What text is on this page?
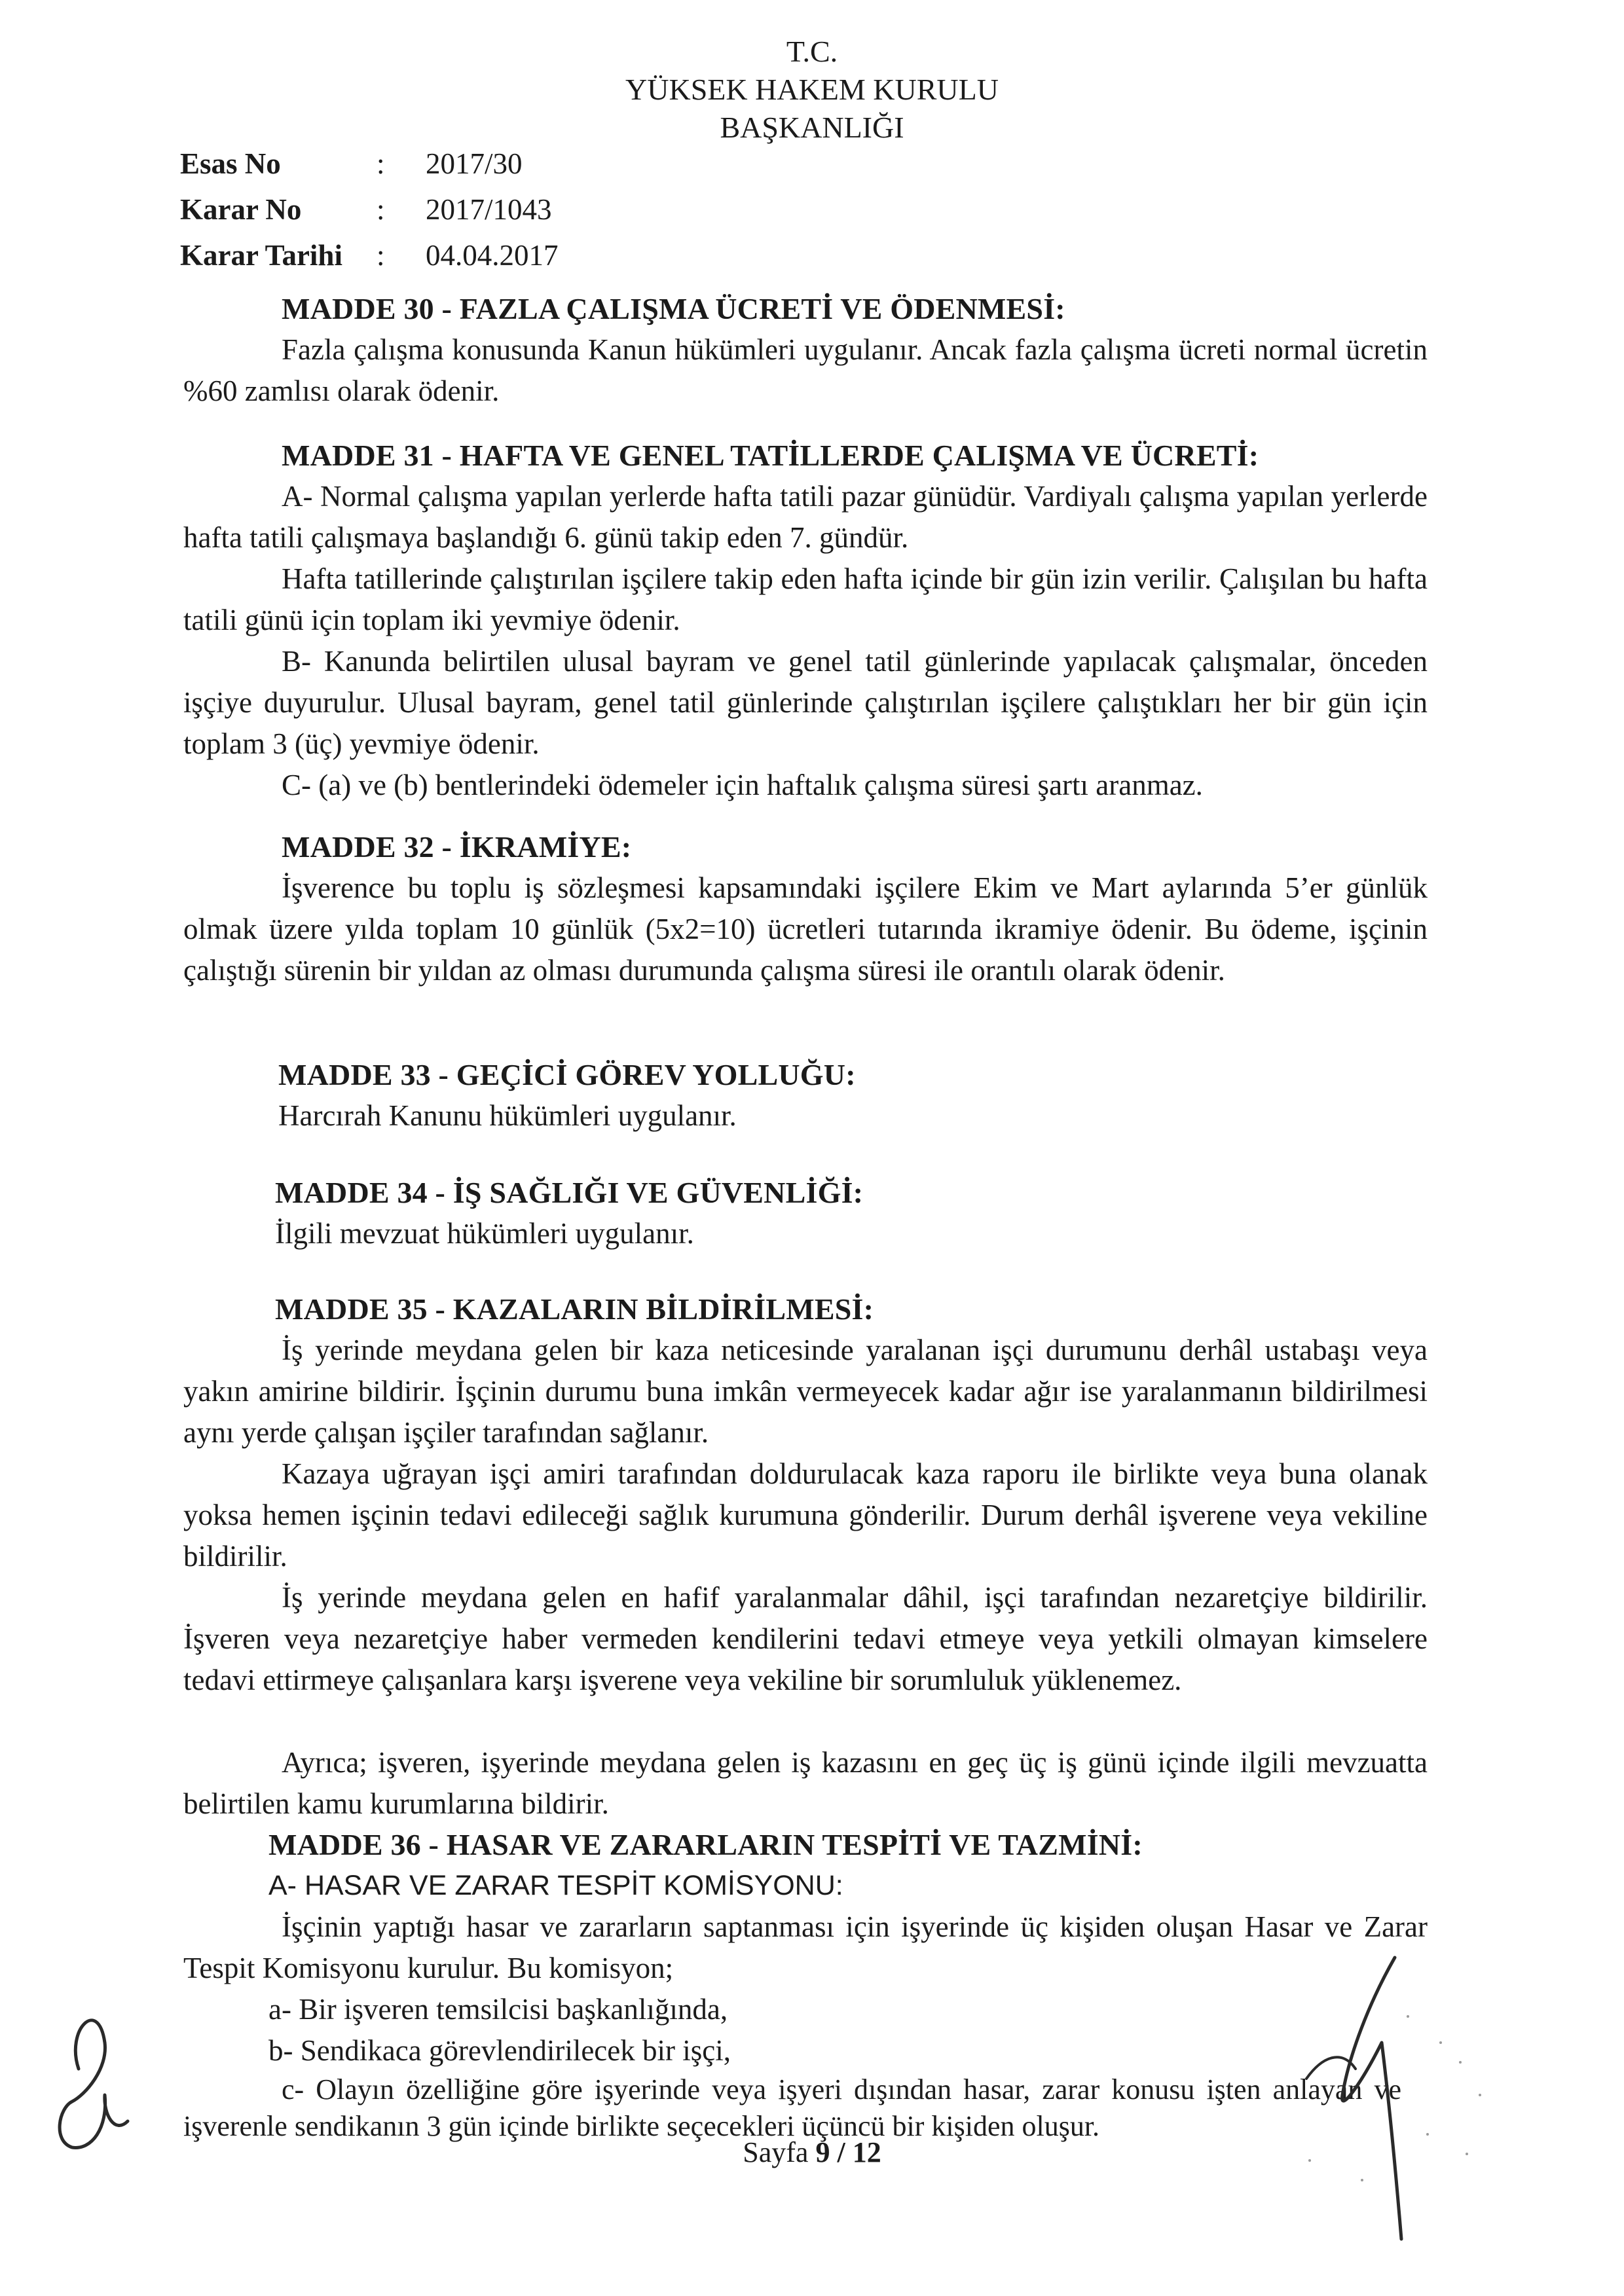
T.C.
YÜKSEK HAKEM KURULU
BAŞKANLIĞI
Esas No	:	2017/30
Karar No	:	2017/1043
Karar Tarihi	:	04.04.2017
MADDE 30 - FAZLA ÇALIŞMA ÜCRETİ VE ÖDENMESİ:
Fazla çalışma konusunda Kanun hükümleri uygulanır. Ancak fazla çalışma ücreti normal ücretin %60 zamlısı olarak ödenir.
MADDE 31 - HAFTA VE GENEL TATİLLERDE ÇALIŞMA VE ÜCRETİ:
A- Normal çalışma yapılan yerlerde hafta tatili pazar günüdür. Vardiyalı çalışma yapılan yerlerde hafta tatili çalışmaya başlandığı 6. günü takip eden 7. gündür.
Hafta tatillerinde çalıştırılan işçilere takip eden hafta içinde bir gün izin verilir. Çalışılan bu hafta tatili günü için toplam iki yevmiye ödenir.
B- Kanunda belirtilen ulusal bayram ve genel tatil günlerinde yapılacak çalışmalar, önceden işçiye duyurulur. Ulusal bayram, genel tatil günlerinde çalıştırılan işçilere çalıştıkları her bir gün için toplam 3 (üç) yevmiye ödenir.
C- (a) ve (b) bentlerindeki ödemeler için haftalık çalışma süresi şartı aranmaz.
MADDE 32 - İKRAMİYE:
İşverence bu toplu iş sözleşmesi kapsamındaki işçilere Ekim ve Mart aylarında 5’er günlük olmak üzere yılda toplam 10 günlük (5x2=10) ücretleri tutarında ikramiye ödenir. Bu ödeme, işçinin çalıştığı sürenin bir yıldan az olması durumunda çalışma süresi ile orantılı olarak ödenir.
MADDE 33 - GEÇİCİ GÖREV YOLLUĞU:
Harcırah Kanunu hükümleri uygulanır.
MADDE 34 - İŞ SAĞLIĞI VE GÜVENLİĞİ:
İlgili mevzuat hükümleri uygulanır.
MADDE 35 - KAZALARIN BİLDİRİLMESİ:
İş yerinde meydana gelen bir kaza neticesinde yaralanan işçi durumunu derhâl ustabaşı veya yakın amirine bildirir. İşçinin durumu buna imkân vermeyecek kadar ağır ise yaralanmanın bildirilmesi aynı yerde çalışan işçiler tarafından sağlanır.
Kazaya uğrayan işçi amiri tarafından doldurulacak kaza raporu ile birlikte veya buna olanak yoksa hemen işçinin tedavi edileceği sağlık kurumuna gönderilir. Durum derhâl işverene veya vekiline bildirilir.
İş yerinde meydana gelen en hafif yaralanmalar dâhil, işçi tarafından nezaretçiye bildirilir. İşveren veya nezaretçiye haber vermeden kendilerini tedavi etmeye veya yetkili olmayan kimselere tedavi ettirmeye çalışanlara karşı işverene veya vekiline bir sorumluluk yüklenemez.
Ayrıca; işveren, işyerinde meydana gelen iş kazasını en geç üç iş günü içinde ilgili mevzuatta belirtilen kamu kurumlarına bildirir.
MADDE 36 - HASAR VE ZARARLARIN TESPİTİ VE TAZMİNİ:
A- HASAR VE ZARAR TESPİT KOMİSYONU:
İşçinin yaptığı hasar ve zararların saptanması için işyerinde üç kişiden oluşan Hasar ve Zarar Tespit Komisyonu kurulur. Bu komisyon;
a- Bir işveren temsilcisi başkanlığında,
b- Sendikaca görevlendirilecek bir işçi,
c- Olayın özelliğine göre işyerinde veya işyeri dışından hasar, zarar konusu işten anlayan ve işverenle sendikanın 3 gün içinde birlikte seçecekleri üçüncü bir kişiden oluşur.
Sayfa 9 / 12
